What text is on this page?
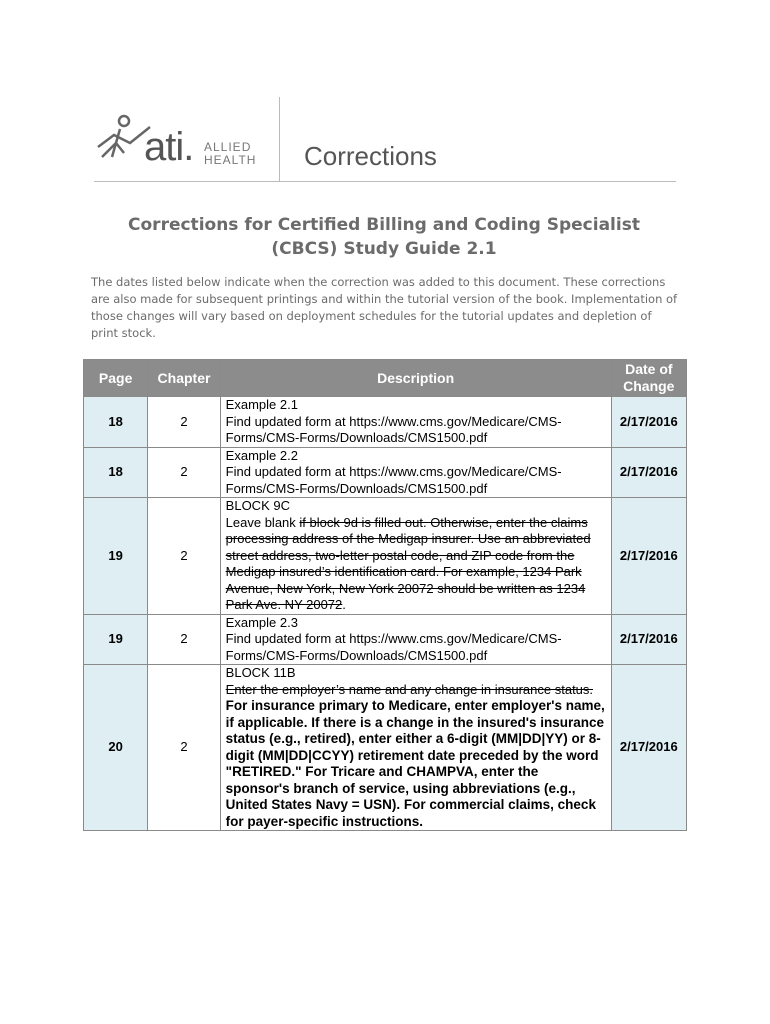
ati. ALLIED
HEALTH Corrections
Corrections for Certified Billing and Coding Specialist
(CBCS) Study Guide 2.1
The dates listed below indicate when the correction was added to this document. These corrections are also made for subsequent printings and within the tutorial version of the book. Implementation of those changes will vary based on deployment schedules for the tutorial updates and depletion of print stock.
Page	Chapter	Description	Date of
Change

18	2	Example 2.1
Find updated form at https://www.cms.gov/Medicare/CMS-Forms/CMS-Forms/Downloads/CMS1500.pdf	2/17/2016
18	2	Example 2.2
Find updated form at https://www.cms.gov/Medicare/CMS-Forms/CMS-Forms/Downloads/CMS1500.pdf	2/17/2016
19	2	BLOCK 9C
Leave blank if block 9d is filled out. Otherwise, enter the claims processing address of the Medigap insurer. Use an abbreviated street address, two-letter postal code, and ZIP code from the Medigap insured’s identification card. For example, 1234 Park Avenue, New York, New York 20072 should be written as 1234 Park Ave. NY 20072.	2/17/2016
19	2	Example 2.3
Find updated form at https://www.cms.gov/Medicare/CMS-Forms/CMS-Forms/Downloads/CMS1500.pdf	2/17/2016
20	2	BLOCK 11B
Enter the employer’s name and any change in insurance status. For insurance primary to Medicare, enter employer's name, if applicable. If there is a change in the insured's insurance status (e.g., retired), enter either a 6-digit (MM|DD|YY) or 8-digit (MM|DD|CCYY) retirement date preceded by the word "RETIRED." For Tricare and CHAMPVA, enter the sponsor's branch of service, using abbreviations (e.g., United States Navy = USN). For commercial claims, check for payer-specific instructions.	2/17/2016
